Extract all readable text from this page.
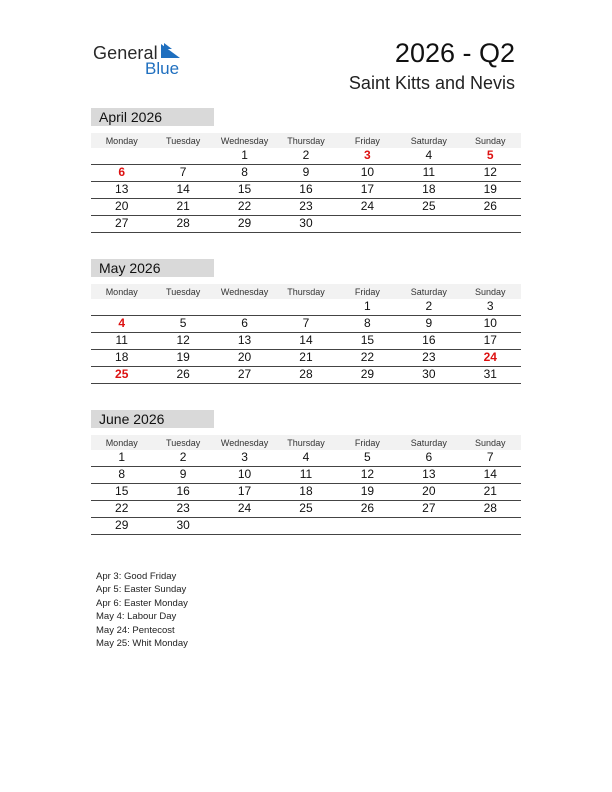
General
Blue
2026 - Q2
Saint Kitts and Nevis
April 2026
Monday	Tuesday	Wednesday	Thursday	Friday	Saturday	Sunday
		1	2	3	4	5
6	7	8	9	10	11	12
13	14	15	16	17	18	19
20	21	22	23	24	25	26
27	28	29	30			
May 2026
Monday	Tuesday	Wednesday	Thursday	Friday	Saturday	Sunday
				1	2	3
4	5	6	7	8	9	10
11	12	13	14	15	16	17
18	19	20	21	22	23	24
25	26	27	28	29	30	31
June 2026
Monday	Tuesday	Wednesday	Thursday	Friday	Saturday	Sunday
1	2	3	4	5	6	7
8	9	10	11	12	13	14
15	16	17	18	19	20	21
22	23	24	25	26	27	28
29	30					
Apr 3: Good Friday
Apr 5: Easter Sunday
Apr 6: Easter Monday
May 4: Labour Day
May 24: Pentecost
May 25: Whit Monday
